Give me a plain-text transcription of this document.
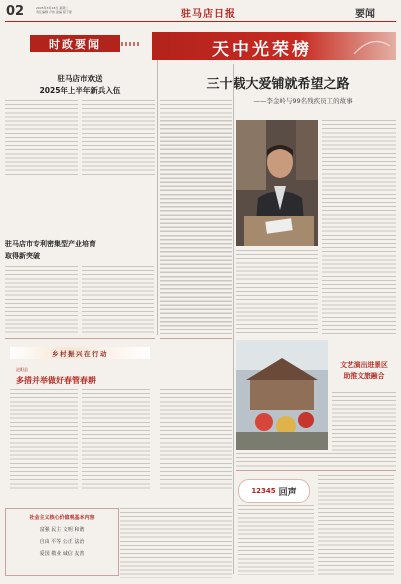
02	2025年3月18日 星期二
责任编辑 卢伟 美编 程子豪	驻马店日报	要闻
时政要闻
驻马店市欢送
2025年上半年新兵入伍
驻马店市专利密集型产业培育
取得新突破
乡村振兴在行动
泌阳县
多措并举做好春管春耕
社会主义核心价值观基本内容
富强 民主 文明 和谐
自由 平等 公正 法治
爱国 敬业 诚信 友善
天中光荣榜
三十载大爱铺就希望之路
——李金岭与99名残疾员工的故事
文艺演出进景区
助推文旅融合
12345 回声
